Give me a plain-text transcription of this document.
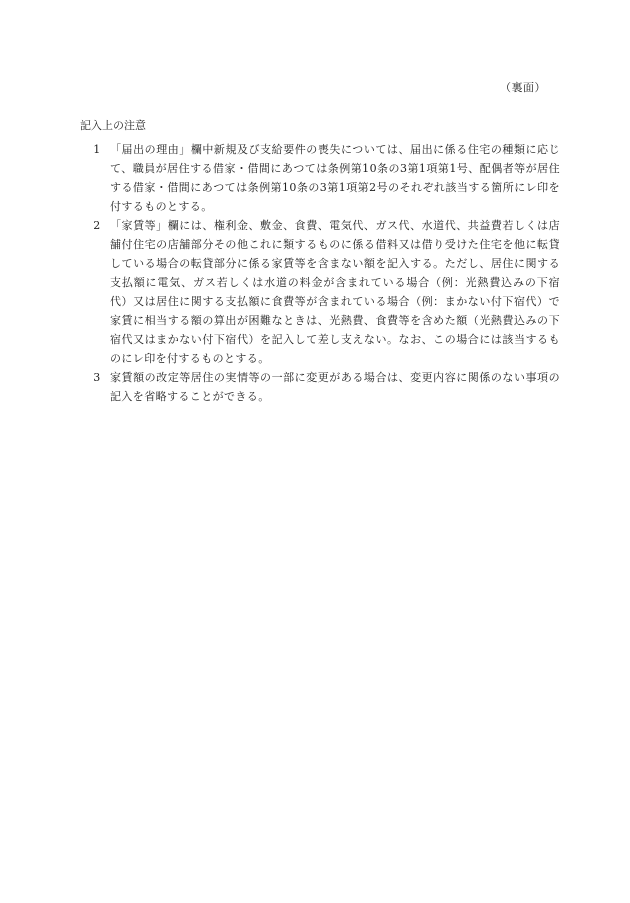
（裏面）
記入上の注意
1 「届出の理由」欄中新規及び支給要件の喪失については、届出に係る住宅の種類に応じて、職員が居住する借家・借間にあつては条例第10条の3第1項第1号、配偶者等が居住する借家・借間にあつては条例第10条の3第1項第2号のそれぞれ該当する箇所にレ印を付するものとする。
2 「家賃等」欄には、権利金、敷金、食費、電気代、ガス代、水道代、共益費若しくは店舗付住宅の店舗部分その他これに類するものに係る借料又は借り受けた住宅を他に転貸している場合の転貸部分に係る家賃等を含まない額を記入する。ただし、居住に関する支払額に電気、ガス若しくは水道の料金が含まれている場合（例：光熱費込みの下宿代）又は居住に関する支払額に食費等が含まれている場合（例：まかない付下宿代）で家賃に相当する額の算出が困難なときは、光熱費、食費等を含めた額（光熱費込みの下宿代又はまかない付下宿代）を記入して差し支えない。なお、この場合には該当するものにレ印を付するものとする。
3 家賃額の改定等居住の実情等の一部に変更がある場合は、変更内容に関係のない事項の記入を省略することができる。
